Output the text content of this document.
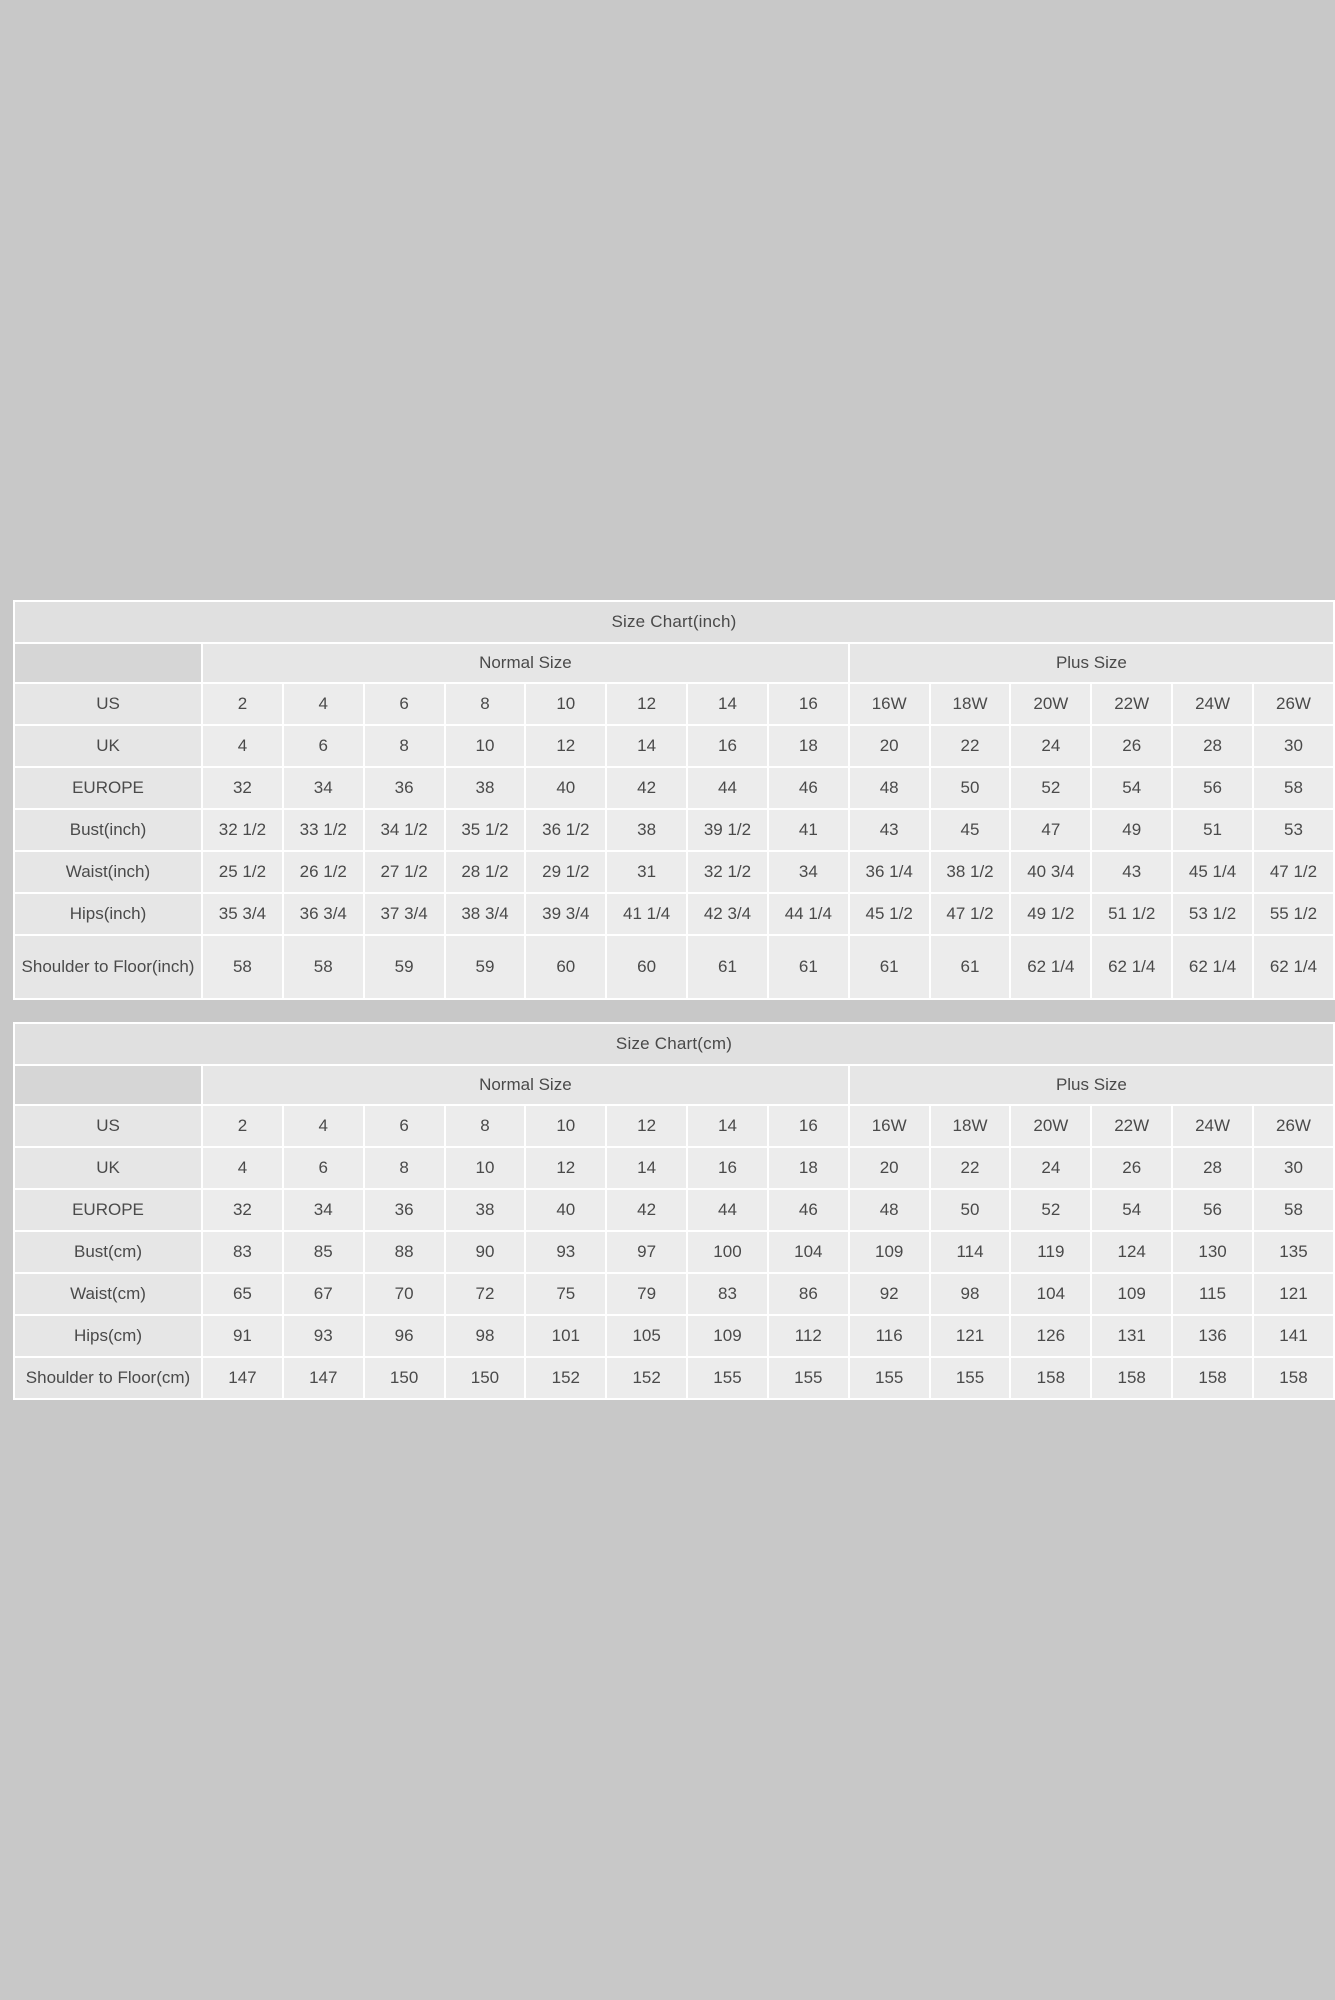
Size Chart(inch)														
	Normal Size								Plus Size					
US	2	4	6	8	10	12	14	16	16W	18W	20W	22W	24W	26W
UK	4	6	8	10	12	14	16	18	20	22	24	26	28	30
EUROPE	32	34	36	38	40	42	44	46	48	50	52	54	56	58
Bust(inch)	32 1/2	33 1/2	34 1/2	35 1/2	36 1/2	38	39 1/2	41	43	45	47	49	51	53
Waist(inch)	25 1/2	26 1/2	27 1/2	28 1/2	29 1/2	31	32 1/2	34	36 1/4	38 1/2	40 3/4	43	45 1/4	47 1/2
Hips(inch)	35 3/4	36 3/4	37 3/4	38 3/4	39 3/4	41 1/4	42 3/4	44 1/4	45 1/2	47 1/2	49 1/2	51 1/2	53 1/2	55 1/2
Shoulder to Floor(inch)	58	58	59	59	60	60	61	61	61	61	62 1/4	62 1/4	62 1/4	62 1/4
Size Chart(cm)														
	Normal Size								Plus Size					
US	2	4	6	8	10	12	14	16	16W	18W	20W	22W	24W	26W
UK	4	6	8	10	12	14	16	18	20	22	24	26	28	30
EUROPE	32	34	36	38	40	42	44	46	48	50	52	54	56	58
Bust(cm)	83	85	88	90	93	97	100	104	109	114	119	124	130	135
Waist(cm)	65	67	70	72	75	79	83	86	92	98	104	109	115	121
Hips(cm)	91	93	96	98	101	105	109	112	116	121	126	131	136	141
Shoulder to Floor(cm)	147	147	150	150	152	152	155	155	155	155	158	158	158	158
